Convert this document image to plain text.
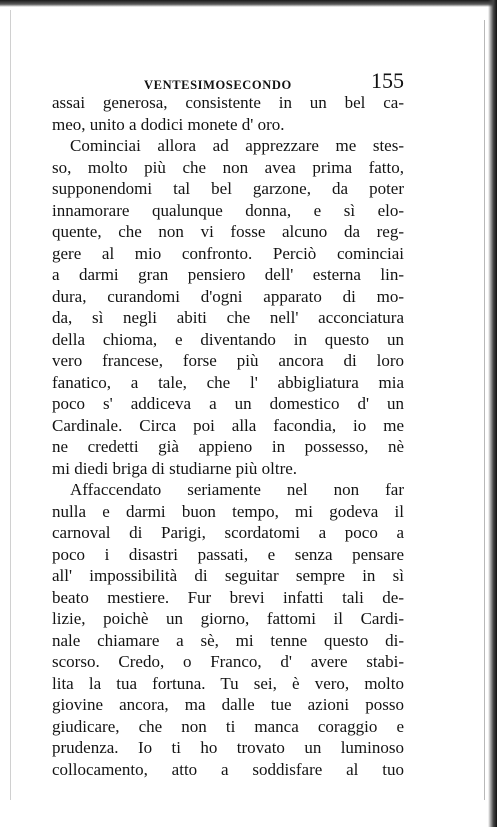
VENTESIMOSECONDO	155
assai generosa, consistente in un bel ca-
meo, unito a dodici monete d' oro.
Cominciai allora ad apprezzare me stes-
so, molto più che non avea prima fatto,
supponendomi tal bel garzone, da poter
innamorare qualunque donna, e sì elo-
quente, che non vi fosse alcuno da reg-
gere al mio confronto. Perciò cominciai
a darmi gran pensiero dell' esterna lin-
dura, curandomi d'ogni apparato di mo-
da, sì negli abiti che nell' acconciatura
della chioma, e diventando in questo un
vero francese, forse più ancora di loro
fanatico, a tale, che l' abbigliatura mia
poco s' addiceva a un domestico d' un
Cardinale. Circa poi alla facondia, io me
ne credetti già appieno in possesso, nè
mi diedi briga di studiarne più oltre.
Affaccendato seriamente nel non far
nulla e darmi buon tempo, mi godeva il
carnoval di Parigi, scordatomi a poco a
poco i disastri passati, e senza pensare
all' impossibilità di seguitar sempre in sì
beato mestiere. Fur brevi infatti tali de-
lizie, poichè un giorno, fattomi il Cardi-
nale chiamare a sè, mi tenne questo di-
scorso. Credo, o Franco, d' avere stabi-
lita la tua fortuna. Tu sei, è vero, molto
giovine ancora, ma dalle tue azioni posso
giudicare, che non ti manca coraggio e
prudenza. Io ti ho trovato un luminoso
collocamento, atto a soddisfare al tuo
